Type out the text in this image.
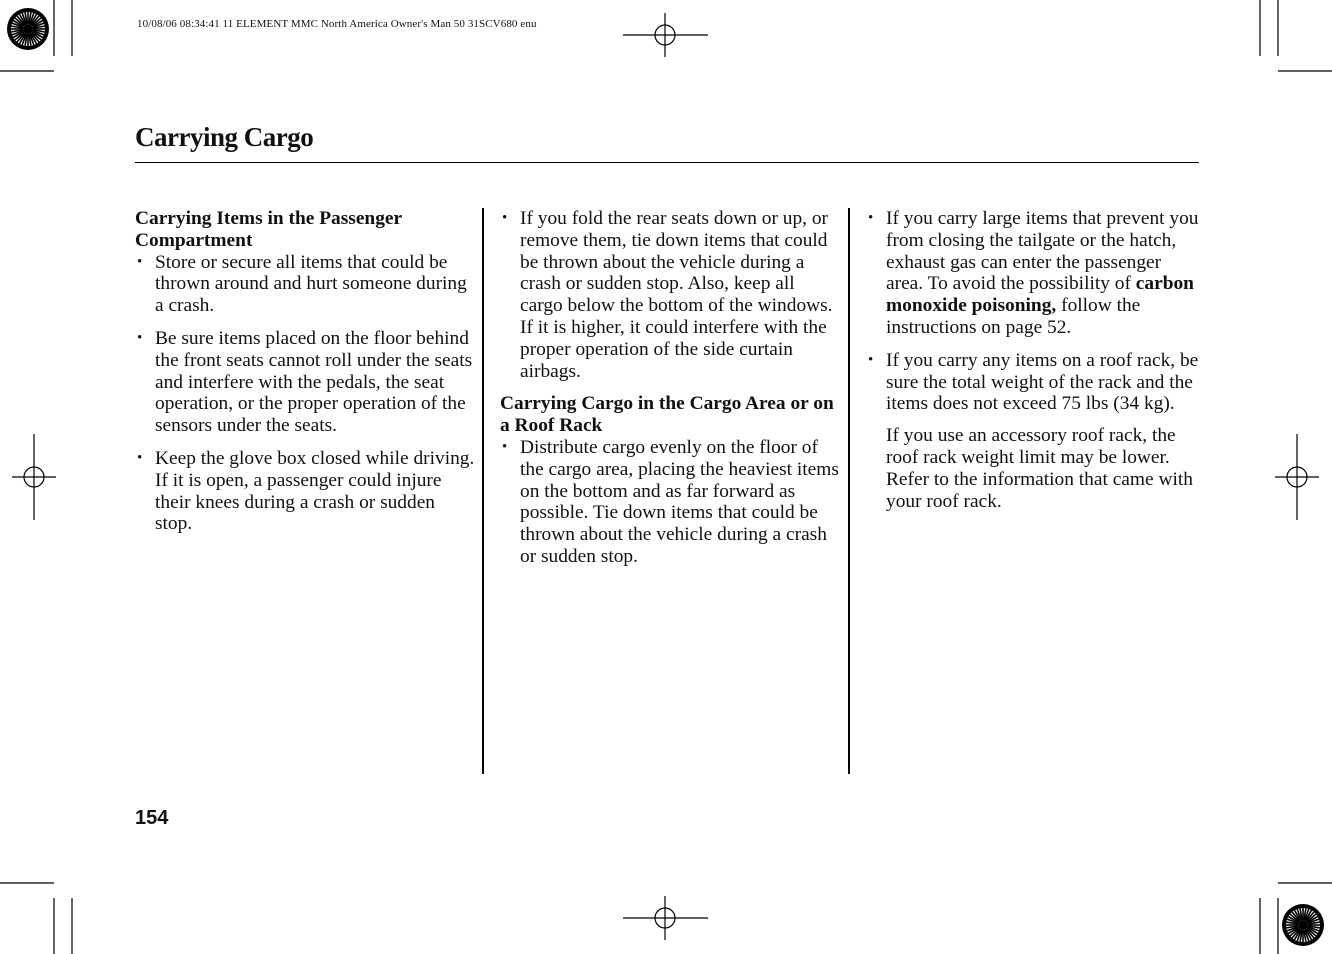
10/08/06 08:34:41 11 ELEMENT MMC North America Owner's Man 50 31SCV680 enu
Carrying Cargo

Carrying Items in the Passenger Compartment

• Store or secure all items that could be thrown around and hurt someone during a crash.
• Be sure items placed on the floor behind the front seats cannot roll under the seats and interfere with the pedals, the seat operation, or the proper operation of the sensors under the seats.
• Keep the glove box closed while driving. If it is open, a passenger could injure their knees during a crash or sudden stop.
• If you fold the rear seats down or up, or remove them, tie down items that could be thrown about the vehicle during a crash or sudden stop. Also, keep all cargo below the bottom of the windows. If it is higher, it could interfere with the proper operation of the side curtain airbags.

Carrying Cargo in the Cargo Area or on a Roof Rack

• Distribute cargo evenly on the floor of the cargo area, placing the heaviest items on the bottom and as far forward as possible. Tie down items that could be thrown about the vehicle during a crash or sudden stop.
• If you carry large items that prevent you from closing the tailgate or the hatch, exhaust gas can enter the passenger area. To avoid the possibility of carbon monoxide poisoning, follow the instructions on page 52.
• If you carry any items on a roof rack, be sure the total weight of the rack and the items does not exceed 75 lbs (34 kg).

If you use an accessory roof rack, the roof rack weight limit may be lower. Refer to the information that came with your roof rack.

154
